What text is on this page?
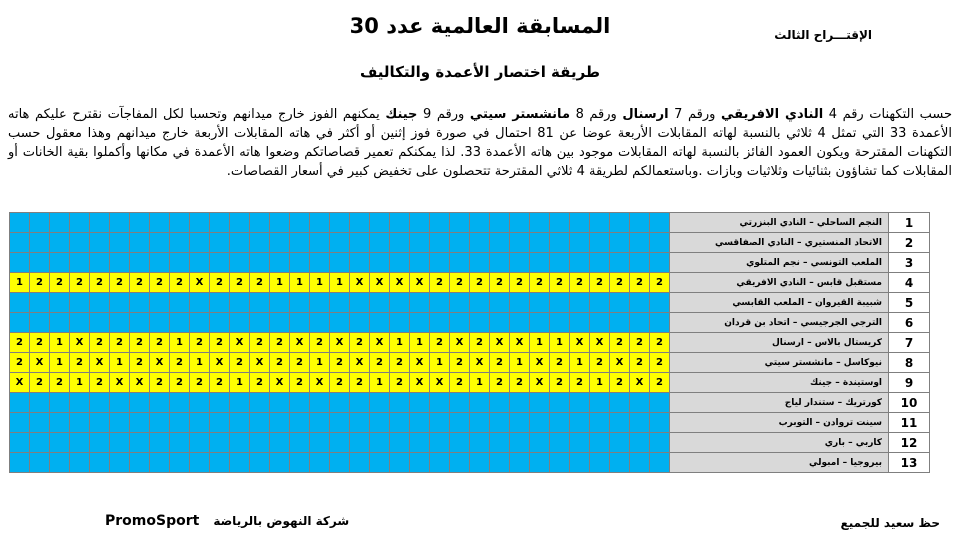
المسابقة العالمية عدد 30	الإقتـــراح الثالث
طريقة اختصار الأعمدة والتكاليف
حسب التكهنات رقم 4 النادي الافريقي ورقم 7 ارسنال ورقم 8 مانشستر سيتي ورقم 9 جينك يمكنهم الفوز خارج ميدانهم وتحسبا لكل المفاجآت نقترح عليكم هاته الأعمدة 33 التي تمثل 4 ثلاثي بالنسبة لهاته المقابلات الأربعة عوضا عن 81 احتمال في صورة فوز إثنين أو أكثر في هاته المقابلات الأربعة خارج ميدانهم وهذا معقول حسب التكهنات المقترحة ويكون العمود الفائز بالنسبة لهاته المقابلات موجود بين هاته الأعمدة 33. لذا يمكنكم تعمير قصاصاتكم وضعوا هاته الأعمدة في مكانها وأكملوا بقية الخانات أو المقابلات كما تشاؤون بثنائيات وثلاثيات وبازات .وباستعمالكم لطريقة 4 ثلاثي المقترحة تتحصلون على تخفيض كبير في أسعار القصاصات.
																																	النجم الساحلي – النادي البنزرتي	1
																																	الاتحاد المنستيري – النادي الصفاقسي	2
																																	الملعب التونسي – نجم المتلوي	3
1	2	2	2	2	2	2	2	2	X	2	2	2	1	1	1	1	X	X	X	X	2	2	2	2	2	2	2	2	2	2	2	2	مستقبل قابس – النادي الافريقي	4
																																	شبيبة القيروان – الملعب القابسي	5
																																	الترجي الجرجيسي – اتحاد بن قردان	6
2	2	1	X	2	2	2	2	1	2	2	X	2	2	X	2	X	2	X	1	1	2	X	2	X	X	1	1	X	X	2	2	2	كريستال بالاس – ارسنال	7
2	X	1	2	X	1	2	X	2	1	X	2	X	2	2	1	2	X	2	2	X	1	2	X	2	1	X	2	1	2	X	2	2	نيوكاسل – مانشستر سيتي	8
X	2	2	1	2	X	X	2	2	2	2	1	2	X	2	X	2	2	1	2	X	X	2	1	2	2	X	2	2	1	2	X	2	اوستيندة – جينك	9
																																	كورتريك – ستندار لياج	10
																																	سينت تروادن – التوبرب	11
																																	كاربي – باري	12
																																	بيروجيا – امبولي	13
حظ سعيد للجميع
PromoSport شركة النهوض بالرياضة
